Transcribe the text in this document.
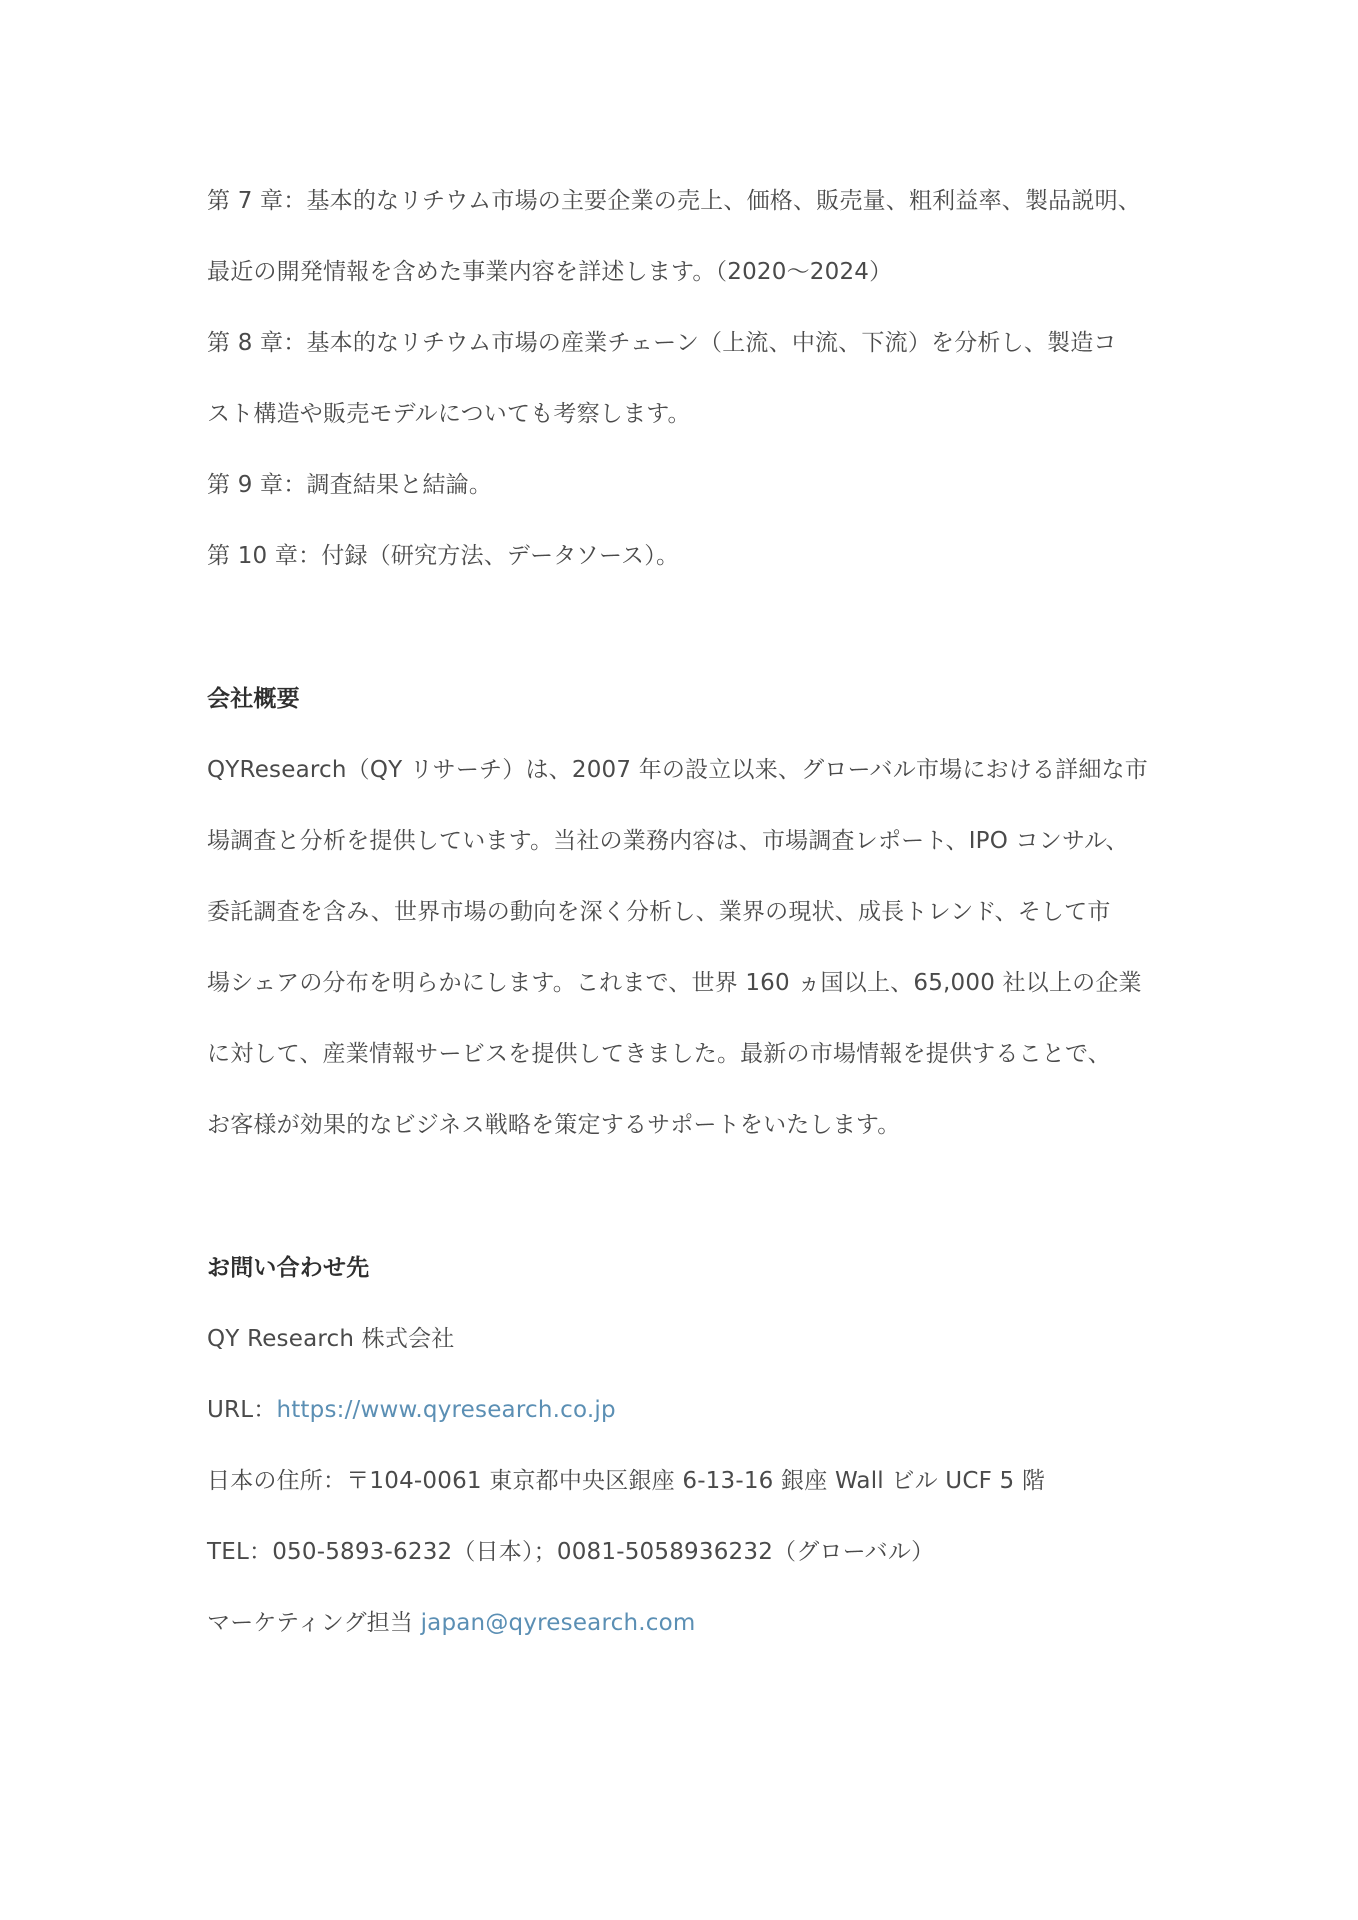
第 7 章：基本的なリチウム市場の主要企業の売上、価格、販売量、粗利益率、製品説明、
最近の開発情報を含めた事業内容を詳述します。（2020～2024）
第 8 章：基本的なリチウム市場の産業チェーン（上流、中流、下流）を分析し、製造コ
スト構造や販売モデルについても考察します。
第 9 章：調査結果と結論。
第 10 章：付録（研究方法、データソース）。
会社概要
QYResearch（QY リサーチ）は、2007 年の設立以来、グローバル市場における詳細な市
場調査と分析を提供しています。当社の業務内容は、市場調査レポート、IPO コンサル、
委託調査を含み、世界市場の動向を深く分析し、業界の現状、成長トレンド、そして市
場シェアの分布を明らかにします。これまで、世界 160 ヵ国以上、65,000 社以上の企業
に対して、産業情報サービスを提供してきました。最新の市場情報を提供することで、
お客様が効果的なビジネス戦略を策定するサポートをいたします。
お問い合わせ先
QY Research 株式会社
URL：https://www.qyresearch.co.jp
日本の住所：〒104-0061 東京都中央区銀座 6-13-16 銀座 Wall ビル UCF 5 階
TEL：050-5893-6232（日本）；0081-5058936232（グローバル）
マーケティング担当 japan@qyresearch.com
